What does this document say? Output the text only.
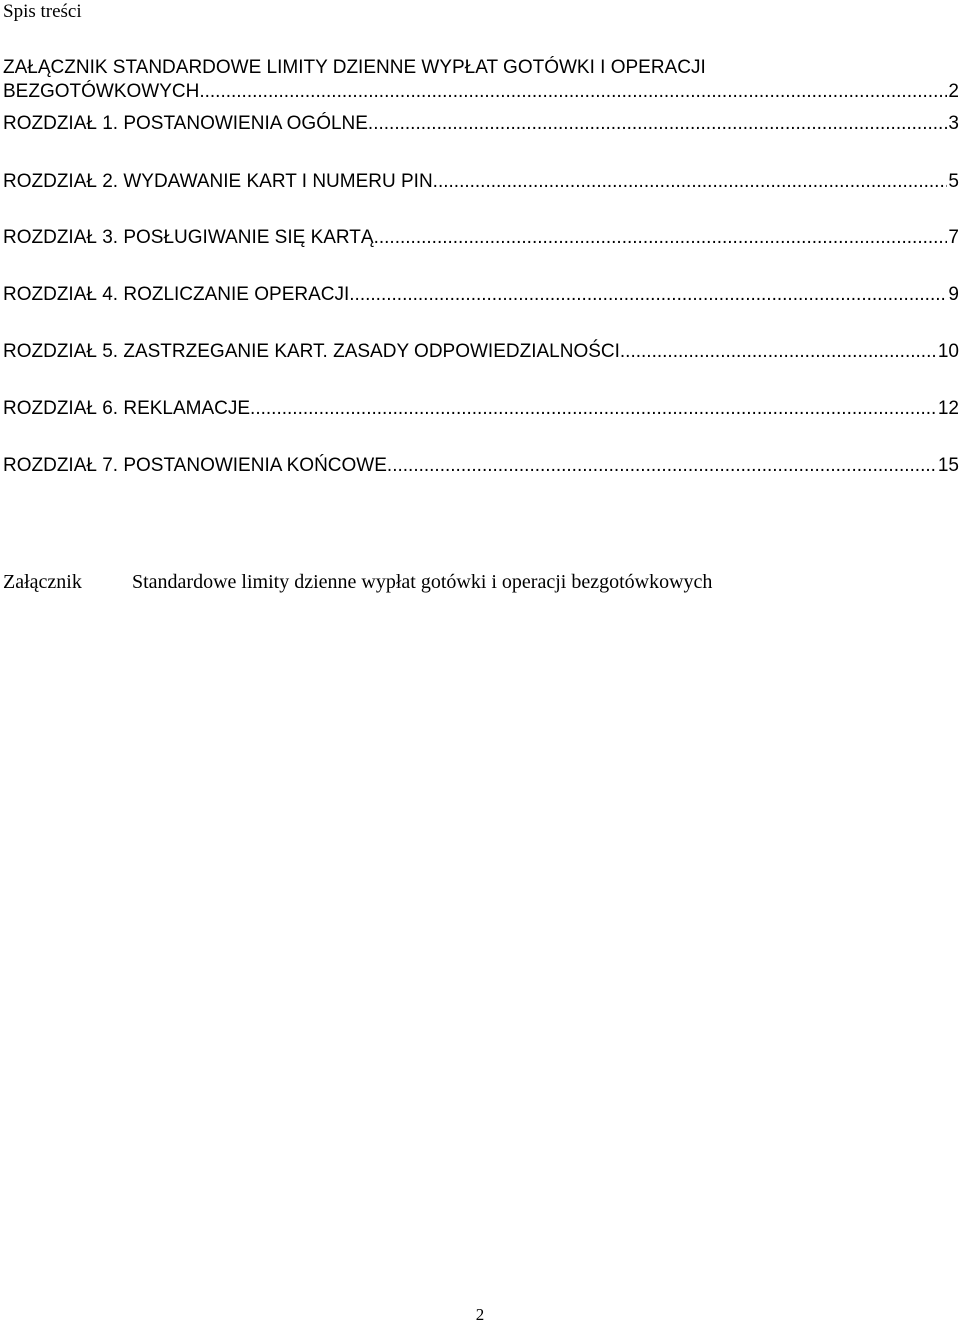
Spis treści
ZAŁĄCZNIK STANDARDOWE LIMITY DZIENNE WYPŁAT GOTÓWKI I OPERACJI
BEZGOTÓWKOWYCH. .....	2
ROZDZIAŁ 1. POSTANOWIENIA OGÓLNE. .....	3
ROZDZIAŁ 2. WYDAWANIE KART I NUMERU PIN. .....	5
ROZDZIAŁ 3. POSŁUGIWANIE SIĘ KARTĄ. .....	7
ROZDZIAŁ 4. ROZLICZANIE OPERACJI .....	9
ROZDZIAŁ 5. ZASTRZEGANIE KART. ZASADY ODPOWIEDZIALNOŚCI .....	10
ROZDZIAŁ 6. REKLAMACJE. .....	12
ROZDZIAŁ 7. POSTANOWIENIA KOŃCOWE. .....	15
Załącznik	Standardowe limity dzienne wypłat gotówki i operacji bezgotówkowych
2
